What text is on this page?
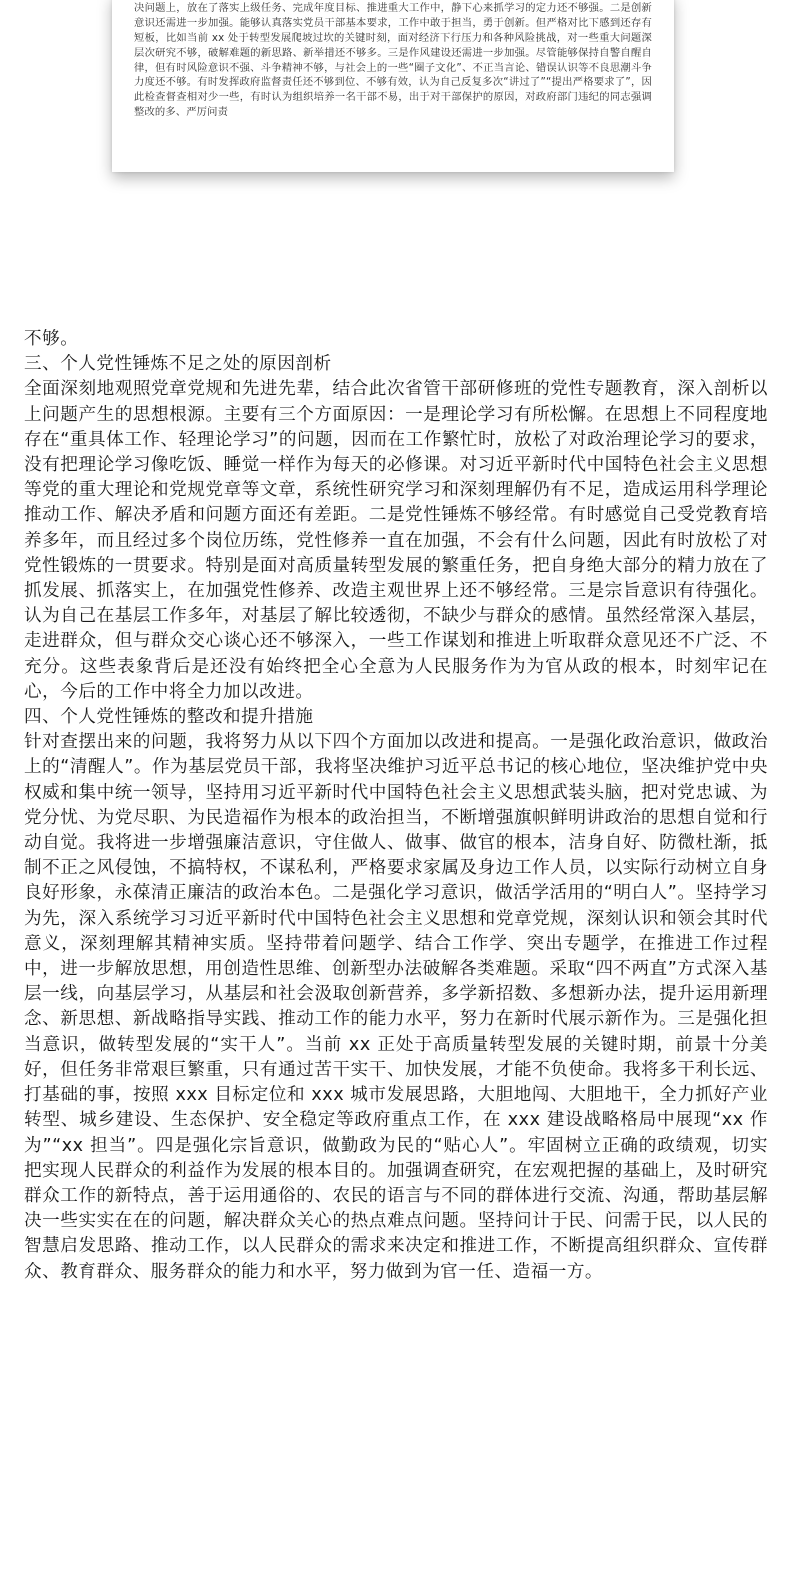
决问题上，放在了落实上级任务、完成年度目标、推进重大工作中，静下心来抓学习的定力还不够强。二是创新意识还需进一步加强。能够认真落实党员干部基本要求，工作中敢于担当，勇于创新。但严格对比下感到还存有短板，比如当前 xx 处于转型发展爬坡过坎的关键时刻，面对经济下行压力和各种风险挑战，对一些重大问题深层次研究不够，破解难题的新思路、新举措还不够多。三是作风建设还需进一步加强。尽管能够保持自警自醒自律，但有时风险意识不强、斗争精神不够，与社会上的一些“圈子文化”、不正当言论、错误认识等不良思潮斗争力度还不够。有时发挥政府监督责任还不够到位、不够有效，认为自己反复多次“讲过了”“提出严格要求了”，因此检查督查相对少一些，有时认为组织培养一名干部不易，出于对干部保护的原因，对政府部门违纪的同志强调整改的多、严厉问责

不够。

三、个人党性锤炼不足之处的原因剖析

全面深刻地观照党章党规和先进先辈，结合此次省管干部研修班的党性专题教育，深入剖析以上问题产生的思想根源。主要有三个方面原因：一是理论学习有所松懈。在思想上不同程度地存在“重具体工作、轻理论学习”的问题，因而在工作繁忙时，放松了对政治理论学习的要求，没有把理论学习像吃饭、睡觉一样作为每天的必修课。对习近平新时代中国特色社会主义思想等党的重大理论和党规党章等文章，系统性研究学习和深刻理解仍有不足，造成运用科学理论推动工作、解决矛盾和问题方面还有差距。二是党性锤炼不够经常。有时感觉自己受党教育培养多年，而且经过多个岗位历练，党性修养一直在加强，不会有什么问题，因此有时放松了对党性锻炼的一贯要求。特别是面对高质量转型发展的繁重任务，把自身绝大部分的精力放在了抓发展、抓落实上，在加强党性修养、改造主观世界上还不够经常。三是宗旨意识有待强化。认为自己在基层工作多年，对基层了解比较透彻，不缺少与群众的感情。虽然经常深入基层，走进群众，但与群众交心谈心还不够深入，一些工作谋划和推进上听取群众意见还不广泛、不充分。这些表象背后是还没有始终把全心全意为人民服务作为为官从政的根本，时刻牢记在心，今后的工作中将全力加以改进。

四、个人党性锤炼的整改和提升措施

针对查摆出来的问题，我将努力从以下四个方面加以改进和提高。一是强化政治意识，做政治上的“清醒人”。作为基层党员干部，我将坚决维护习近平总书记的核心地位，坚决维护党中央权威和集中统一领导，坚持用习近平新时代中国特色社会主义思想武装头脑，把对党忠诚、为党分忧、为党尽职、为民造福作为根本的政治担当，不断增强旗帜鲜明讲政治的思想自觉和行动自觉。我将进一步增强廉洁意识，守住做人、做事、做官的根本，洁身自好、防微杜渐，抵制不正之风侵蚀，不搞特权，不谋私利，严格要求家属及身边工作人员，以实际行动树立自身良好形象，永葆清正廉洁的政治本色。二是强化学习意识，做活学活用的“明白人”。坚持学习为先，深入系统学习习近平新时代中国特色社会主义思想和党章党规，深刻认识和领会其时代意义，深刻理解其精神实质。坚持带着问题学、结合工作学、突出专题学，在推进工作过程中，进一步解放思想，用创造性思维、创新型办法破解各类难题。采取“四不两直”方式深入基层一线，向基层学习，从基层和社会汲取创新营养，多学新招数、多想新办法，提升运用新理念、新思想、新战略指导实践、推动工作的能力水平，努力在新时代展示新作为。三是强化担当意识，做转型发展的“实干人”。当前 xx 正处于高质量转型发展的关键时期，前景十分美好，但任务非常艰巨繁重，只有通过苦干实干、加快发展，才能不负使命。我将多干利长远、打基础的事，按照 xxx 目标定位和 xxx 城市发展思路，大胆地闯、大胆地干，全力抓好产业转型、城乡建设、生态保护、安全稳定等政府重点工作，在 xxx 建设战略格局中展现“xx 作为”“xx 担当”。四是强化宗旨意识，做勤政为民的“贴心人”。牢固树立正确的政绩观，切实把实现人民群众的利益作为发展的根本目的。加强调查研究，在宏观把握的基础上，及时研究群众工作的新特点，善于运用通俗的、农民的语言与不同的群体进行交流、沟通，帮助基层解决一些实实在在的问题，解决群众关心的热点难点问题。坚持问计于民、问需于民，以人民的智慧启发思路、推动工作，以人民群众的需求来决定和推进工作，不断提高组织群众、宣传群众、教育群众、服务群众的能力和水平，努力做到为官一任、造福一方。
